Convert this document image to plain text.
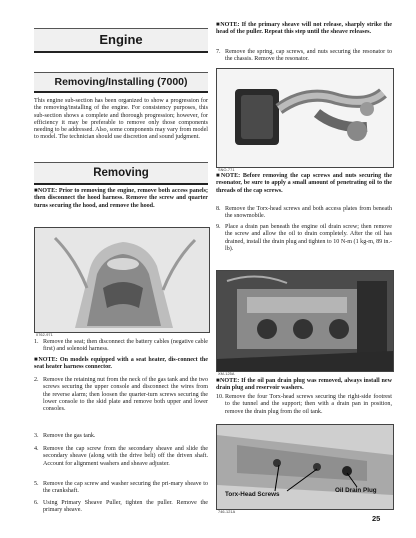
Engine
Removing/Installing (7000)

This engine sub-section has been organized to show a progression for the removing/installing of the engine. For consistency purposes, this sub-section shows a complete and thorough progression; however, for efficiency it may be preferable to remove only those components needing to be addressed. Also, some components may vary from model to model. The technician should use discretion and sound judgment.

Removing

■NOTE: Prior to removing the engine, remove both access panels; then disconnect the hood harness. Remove the screw and quarter turns securing the hood, and remove the hood.

0762-971
1. Remove the seat; then disconnect the battery cables (negative cable first) and solenoid harness.

■NOTE: On models equipped with a seat heater, dis-connect the seat heater harness connector.

2. Remove the retaining nut from the neck of the gas tank and the two screws securing the upper console and disconnect the wires from the reverse alarm; then loosen the quarter-turn screws securing the lower console to the skid plate and remove both upper and lower consoles.
3. Remove the gas tank.
4. Remove the cap screw from the secondary sheave and slide the secondary sheave (along with the drive belt) off the driven shaft. Account for alignment washers and sheave adjuster.
5. Remove the cap screw and washer securing the pri-mary sheave to the crankshaft.
6. Using Primary Sheave Puller, tighten the puller. Remove the primary sheave.

■NOTE: If the primary sheave will not release, sharply strike the head of the puller. Repeat this step until the sheave releases.

7. Remove the spring, cap screws, and nuts securing the resonator to the chassis. Remove the resonator.
SNO-771

■NOTE: Before removing the cap screws and nuts securing the resonator, be sure to apply a small amount of penetrating oil to the threads of the cap screws.

8. Remove the Torx-head screws and both access plates from beneath the snowmobile.
9. Place a drain pan beneath the engine oil drain screw; then remove the screw and allow the oil to drain completely. After the oil has drained, install the drain plug and tighten to 10 N-m (1 kg-m, 89 in.-lb).
XM-125A

■NOTE: If the oil pan drain plug was removed, always install new drain plug and reservoir washers.

10. Remove the four Torx-head screws securing the right-side footrest to the tunnel and the support; then with a drain pan in position, remove the drain plug from the oil tank.
Torx-Head Screws
Oil Drain Plug
746-121A
25
